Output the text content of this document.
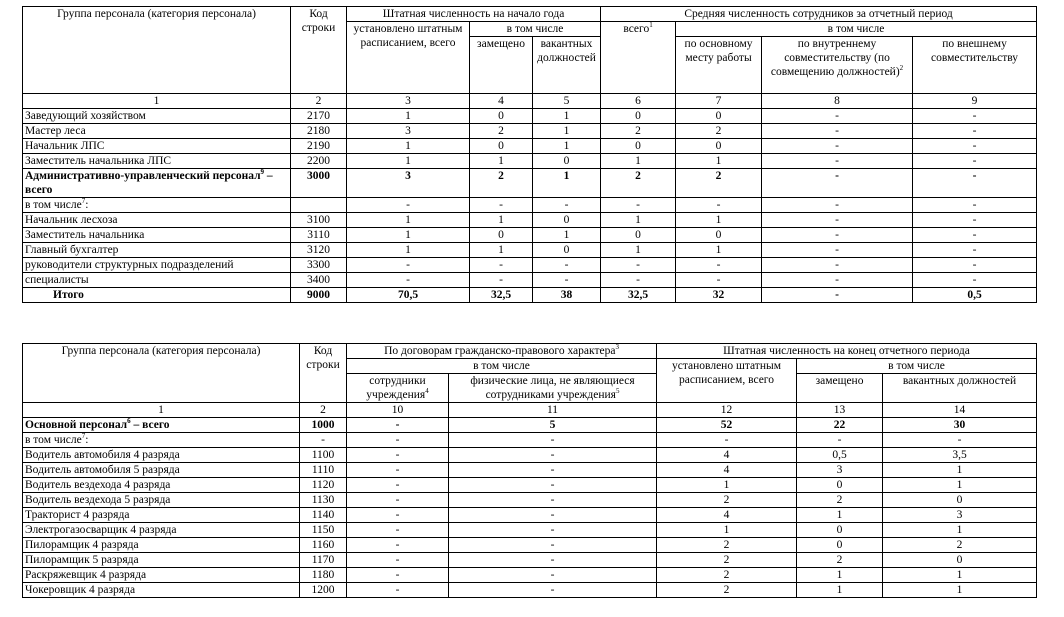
Группа персонала (категория персонала)	Код строки	Штатная численность на начало года			Средняя численность сотрудников за отчетный период			
		установлено штатным расписанием, всего	в том числе		всего$^1$	в том числе		
			замещено	вакантных должностей		по основному месту работы	по внутреннему совместительству (по совмещению должностей)$^2$	по внешнему совместительству
1	2	3	4	5	6	7	8	9
Заведующий хозяйством	2170	1	0	1	0	0	-	-
Мастер леса	2180	3	2	1	2	2	-	-
Начальник ЛПС	2190	1	0	1	0	0	-	-
Заместитель начальника ЛПС	2200	1	1	0	1	1	-	-
Административно-управленческий персонал$^9$ – всего	3000	3	2	1	2	2	-	-
в том числе$^7$:		-	-	-	-	-	-	-
Начальник лесхоза	3100	1	1	0	1	1	-	-
Заместитель начальника	3110	1	0	1	0	0	-	-
Главный бухгалтер	3120	1	1	0	1	1	-	-
руководители структурных подразделений	3300	-	-	-	-	-	-	-
специалисты	3400	-	-	-	-	-	-	-
Итого	9000	70,5	32,5	38	32,5	32	-	0,5
Группа персонала (категория персонала)	Код строки	По договорам гражданско-правового характера$^3$		Штатная численность на конец отчетного периода		
		в том числе		установлено штатным расписанием, всего	в том числе	
		сотрудники учреждения$^4$	физические лица, не являющиеся сотрудниками учреждения$^5$		замещено	вакантных должностей
1	2	10	11	12	13	14
Основной персонал$^6$ – всего	1000	-	5	52	22	30
в том числе$^7$:	-	-	-	-	-	-
Водитель автомобиля 4 разряда	1100	-	-	4	0,5	3,5
Водитель автомобиля 5 разряда	1110	-	-	4	3	1
Водитель вездехода 4 разряда	1120	-	-	1	0	1
Водитель вездехода 5 разряда	1130	-	-	2	2	0
Тракторист 4 разряда	1140	-	-	4	1	3
Электрогазосварщик 4 разряда	1150	-	-	1	0	1
Пилорамщик 4 разряда	1160	-	-	2	0	2
Пилорамщик 5 разряда	1170	-	-	2	2	0
Раскряжевщик 4 разряда	1180	-	-	2	1	1
Чокеровщик 4 разряда	1200	-	-	2	1	1
